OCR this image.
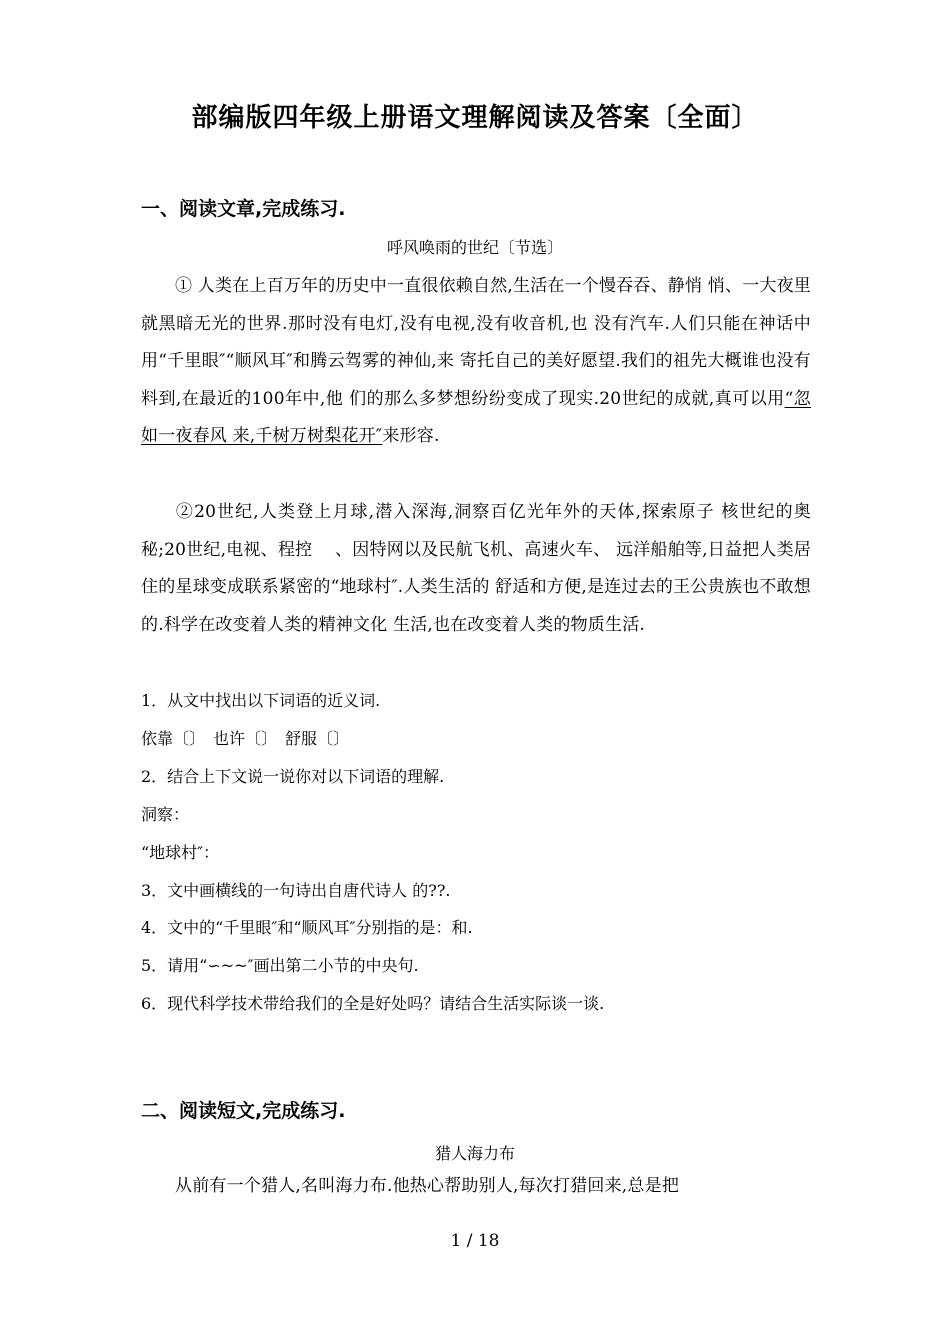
部编版四年级上册语文理解阅读及答案〔全面〕
一、阅读文章,完成练习.
呼风唤雨的世纪〔节选〕
① 人类在上百万年的历史中一直很依赖自然,生活在一个慢吞吞、静悄 悄、一大夜里就黑暗无光的世界.那时没有电灯,没有电视,没有收音机,也 没有汽车.人们只能在神话中用“千里眼″“顺风耳″和腾云驾雾的神仙,来 寄托自己的美好愿望.我们的祖先大概谁也没有料到,在最近的100年中,他 们的那么多梦想纷纷变成了现实.20世纪的成就,真可以用“忽如一夜春风 来,千树万树梨花开″来形容.
②20世纪,人类登上月球,潜入深海,洞察百亿光年外的天体,探索原子 核世纪的奥秘;20世纪,电视、程控　 、因特网以及民航飞机、高速火车、 远洋船舶等,日益把人类居住的星球变成联系紧密的“地球村″.人类生活的 舒适和方便,是连过去的王公贵族也不敢想的.科学在改变着人类的精神文化 生活,也在改变着人类的物质生活.
1．从文中找出以下词语的近义词.
依靠〔〕　也许〔〕　舒服〔〕
2．结合上下文说一说你对以下词语的理解.
洞察：
“地球村″：
3．文中画横线的一句诗出自唐代诗人 的??.
4．文中的“千里眼″和“顺风耳″分别指的是：和.
5．请用“∽~~″画出第二小节的中央句.
6．现代科学技术带给我们的全是好处吗？请结合生活实际谈一谈.
二、阅读短文,完成练习.
猎人海力布
从前有一个猎人,名叫海力布.他热心帮助别人,每次打猎回来,总是把
1 / 18
